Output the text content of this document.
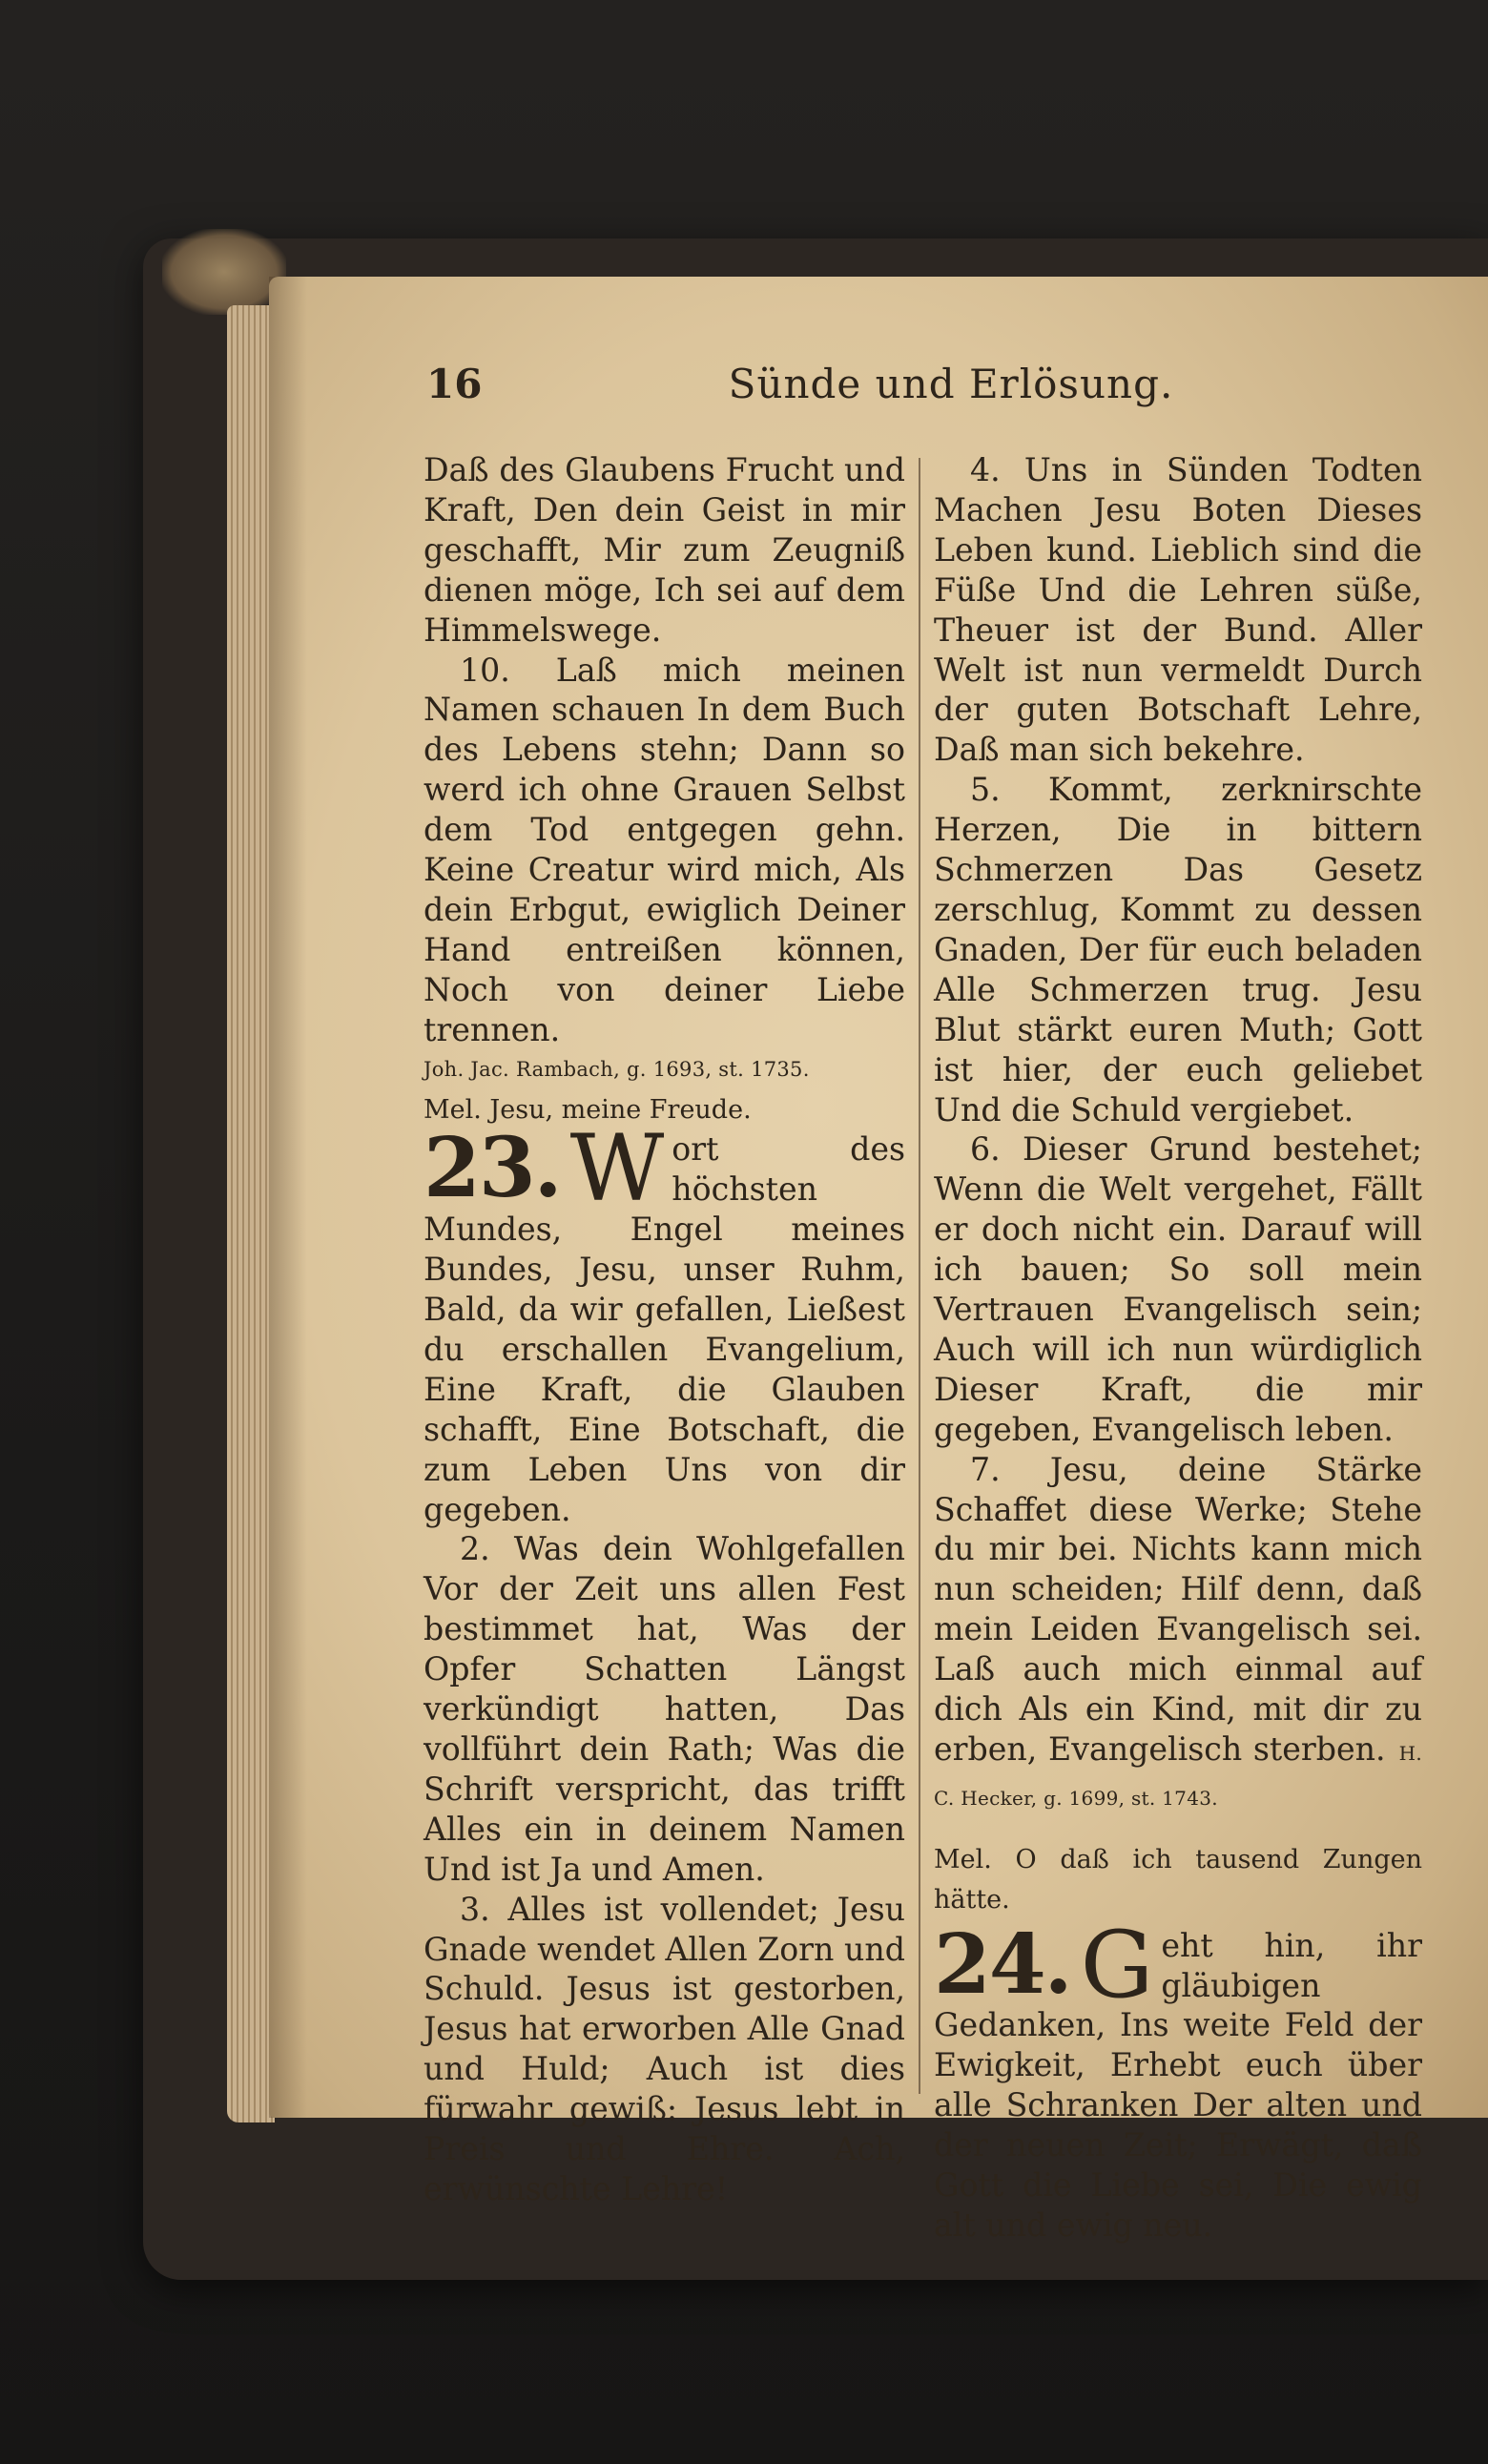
16	Sünde und Erlösung.

Daß des Glaubens Frucht und Kraft, Den dein Geist in mir geschafft, Mir zum Zeugniß dienen möge, Ich sei auf dem Himmelswege.

10. Laß mich meinen Namen schauen In dem Buch des Lebens stehn; Dann so werd ich ohne Grauen Selbst dem Tod entgegen gehn. Keine Creatur wird mich, Als dein Erbgut, ewiglich Deiner Hand entreißen können, Noch von deiner Liebe trennen.

Joh. Jac. Rambach, g. 1693, st. 1735.

Mel. Jesu, meine Freude.

23. W ort des höchsten Mundes, Engel meines Bundes, Jesu, unser Ruhm, Bald, da wir gefallen, Ließest du erschallen Evangelium, Eine Kraft, die Glauben schafft, Eine Botschaft, die zum Leben Uns von dir gegeben.

2. Was dein Wohlgefallen Vor der Zeit uns allen Fest bestimmet hat, Was der Opfer Schatten Längst verkündigt hatten, Das vollführt dein Rath; Was die Schrift verspricht, das trifft Alles ein in deinem Namen Und ist Ja und Amen.

3. Alles ist vollendet; Jesu Gnade wendet Allen Zorn und Schuld. Jesus ist gestorben, Jesus hat erworben Alle Gnad und Huld; Auch ist dies fürwahr gewiß: Jesus lebt in Preis und Ehre. Ach, erwünschte Lehre!

4. Uns in Sünden Todten Machen Jesu Boten Dieses Leben kund. Lieblich sind die Füße Und die Lehren süße, Theuer ist der Bund. Aller Welt ist nun vermeldt Durch der guten Botschaft Lehre, Daß man sich bekehre.

5. Kommt, zerknirschte Herzen, Die in bittern Schmerzen Das Gesetz zerschlug, Kommt zu dessen Gnaden, Der für euch beladen Alle Schmerzen trug. Jesu Blut stärkt euren Muth; Gott ist hier, der euch geliebet Und die Schuld vergiebet.

6. Dieser Grund bestehet; Wenn die Welt vergehet, Fällt er doch nicht ein. Darauf will ich bauen; So soll mein Vertrauen Evangelisch sein; Auch will ich nun würdiglich Dieser Kraft, die mir gegeben, Evangelisch leben.

7. Jesu, deine Stärke Schaffet diese Werke; Stehe du mir bei. Nichts kann mich nun scheiden; Hilf denn, daß mein Leiden Evangelisch sei. Laß auch mich einmal auf dich Als ein Kind, mit dir zu erben, Evangelisch sterben. H. C. Hecker, g. 1699, st. 1743.

Mel. O daß ich tausend Zungen hätte.

24. G eht hin, ihr gläubigen Gedanken, Ins weite Feld der Ewigkeit, Erhebt euch über alle Schranken Der alten und der neuen Zeit; Erwägt, daß Gott die Liebe sei, Die ewig alt und ewig neu.
